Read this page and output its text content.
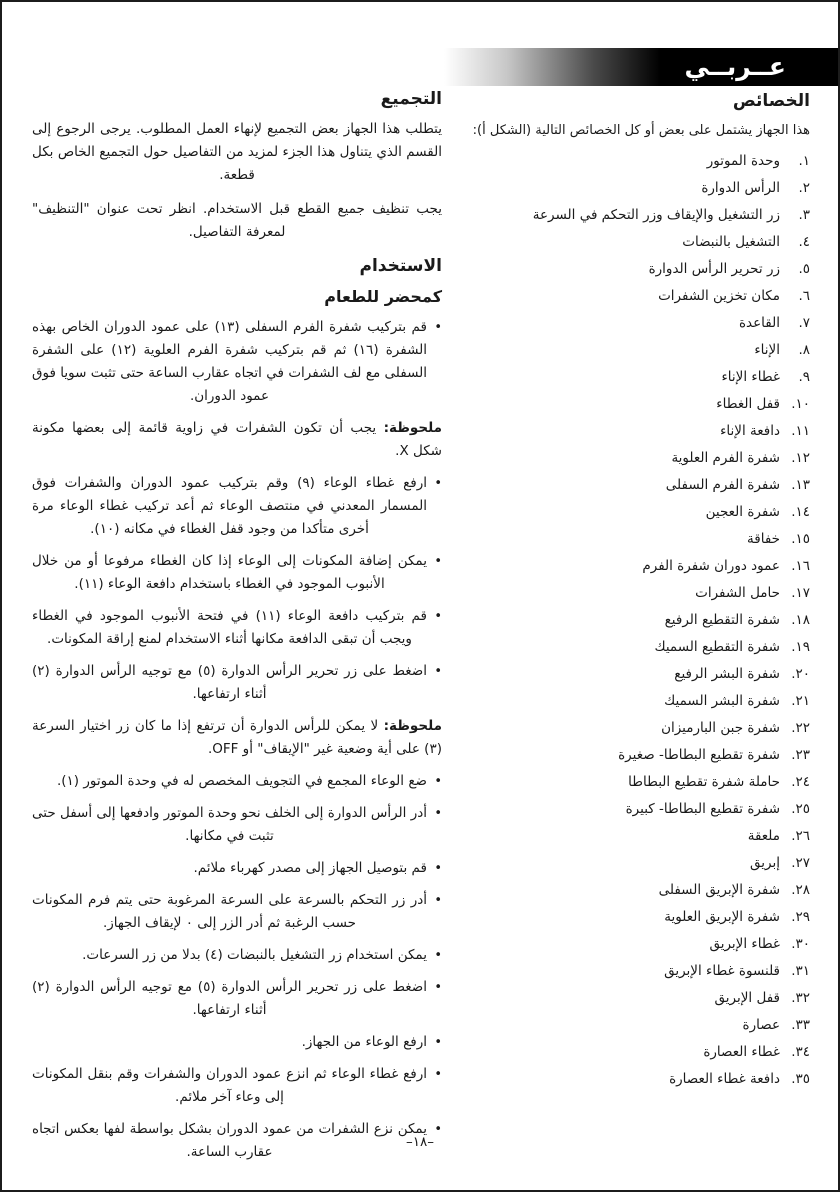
عــربــي
الخصائص

هذا الجهاز يشتمل على بعض أو كل الخصائص التالية (الشكل أ):

١.
وحدة الموتور
٢.
الرأس الدوارة
٣.
زر التشغيل والإيقاف وزر التحكم في السرعة
٤.
التشغيل بالنبضات
٥.
زر تحرير الرأس الدوارة
٦.
مكان تخزين الشفرات
٧.
القاعدة
٨.
الإناء
٩.
غطاء الإناء
١٠.
قفل الغطاء
١١.
دافعة الإناء
١٢.
شفرة الفرم العلوية
١٣.
شفرة الفرم السفلى
١٤.
شفرة العجين
١٥.
خفاقة
١٦.
عمود دوران شفرة الفرم
١٧.
حامل الشفرات
١٨.
شفرة التقطيع الرفيع
١٩.
شفرة التقطيع السميك
٢٠.
شفرة البشر الرفيع
٢١.
شفرة البشر السميك
٢٢.
شفرة جبن البارميزان
٢٣.
شفرة تقطيع البطاطا- صغيرة
٢٤.
حاملة شفرة تقطيع البطاطا
٢٥.
شفرة تقطيع البطاطا- كبيرة
٢٦.
ملعقة
٢٧.
إبريق
٢٨.
شفرة الإبريق السفلى
٢٩.
شفرة الإبريق العلوية
٣٠.
غطاء الإبريق
٣١.
قلنسوة غطاء الإبريق
٣٢.
قفل الإبريق
٣٣.
عصارة
٣٤.
غطاء العصارة
٣٥.
دافعة غطاء العصارة
التجميع

يتطلب هذا الجهاز بعض التجميع لإنهاء العمل المطلوب. يرجى الرجوع إلى القسم الذي يتناول هذا الجزء لمزيد من التفاصيل حول التجميع الخاص بكل قطعة.

يجب تنظيف جميع القطع قبل الاستخدام. انظر تحت عنوان "التنظيف" لمعرفة التفاصيل.

الاستخدام
كمحضر للطعام
•

قم بتركيب شفرة الفرم السفلى (١٣) على عمود الدوران الخاص بهذه الشفرة (١٦) ثم قم بتركيب شفرة الفرم العلوية (١٢) على الشفرة السفلى مع لف الشفرات في اتجاه عقارب الساعة حتى تثبت سويا فوق عمود الدوران.

ملحوظة: يجب أن تكون الشفرات في زاوية قائمة إلى بعضها مكونة شكل X.

•

ارفع غطاء الوعاء (٩) وقم بتركيب عمود الدوران والشفرات فوق المسمار المعدني في منتصف الوعاء ثم أعد تركيب غطاء الوعاء مرة أخرى متأكدا من وجود قفل الغطاء في مكانه (١٠).

•

يمكن إضافة المكونات إلى الوعاء إذا كان الغطاء مرفوعا أو من خلال الأنبوب الموجود في الغطاء باستخدام دافعة الوعاء (١١).

•

قم بتركيب دافعة الوعاء (١١) في فتحة الأنبوب الموجود في الغطاء ويجب أن تبقى الدافعة مكانها أثناء الاستخدام لمنع إراقة المكونات.

•

اضغط على زر تحرير الرأس الدوارة (٥) مع توجيه الرأس الدوارة (٢) أثناء ارتفاعها.

ملحوظة: لا يمكن للرأس الدوارة أن ترتفع إذا ما كان زر اختيار السرعة (٣) على أية وضعية غير "الإيقاف" أو OFF.

•

ضع الوعاء المجمع في التجويف المخصص له في وحدة الموتور (١).

•

أدر الرأس الدوارة إلى الخلف نحو وحدة الموتور وادفعها إلى أسفل حتى تثبت في مكانها.

•

قم بتوصيل الجهاز إلى مصدر كهرباء ملائم.

•

أدر زر التحكم بالسرعة على السرعة المرغوبة حتى يتم فرم المكونات حسب الرغبة ثم أدر الزر إلى ٠ لإيقاف الجهاز.

•

يمكن استخدام زر التشغيل بالنبضات (٤) بدلا من زر السرعات.

•

اضغط على زر تحرير الرأس الدوارة (٥) مع توجيه الرأس الدوارة (٢) أثناء ارتفاعها.

•

ارفع الوعاء من الجهاز.

•

ارفع غطاء الوعاء ثم انزع عمود الدوران والشفرات وقم بنقل المكونات إلى وعاء آخر ملائم.

•

يمكن نزع الشفرات من عمود الدوران بشكل بواسطة لفها بعكس اتجاه عقارب الساعة.

–١٨–
